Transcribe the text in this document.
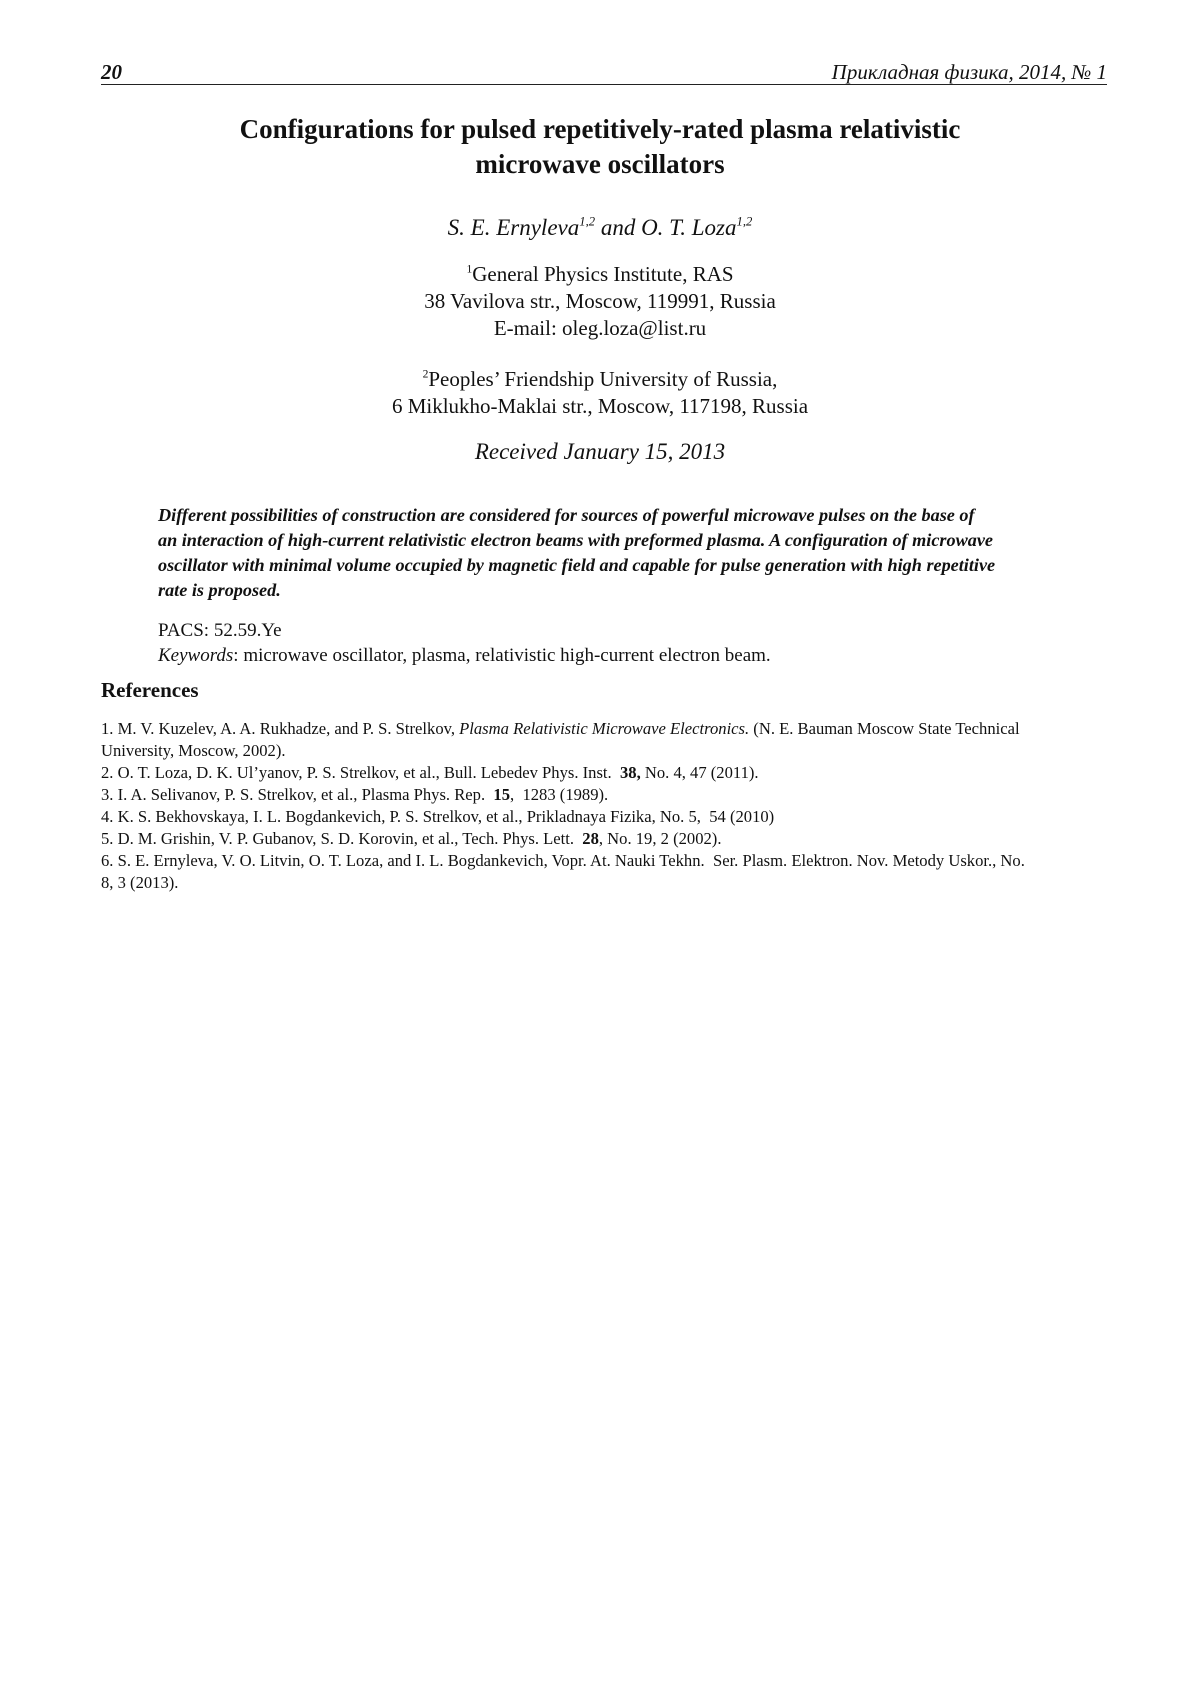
20	Прикладная физика, 2014, № 1
Configurations for pulsed repetitively-rated plasma relativistic
microwave oscillators
S. E. Ernyleva$^{1,2}$ and O. T. Loza$^{1,2}$
$^1$General Physics Institute, RAS
38 Vavilova str., Moscow, 119991, Russia
E-mail: oleg.loza@list.ru
$^2$Peoples’ Friendship University of Russia,
6 Miklukho-Maklai str., Moscow, 117198, Russia
Received January 15, 2013
Different possibilities of construction are considered for sources of powerful microwave pulses on the base of
an interaction of high-current relativistic electron beams with preformed plasma. A configuration of microwave
oscillator with minimal volume occupied by magnetic field and capable for pulse generation with high repetitive
rate is proposed.
PACS: 52.59.Ye
Keywords: microwave oscillator, plasma, relativistic high-current electron beam.
References
1. M. V. Kuzelev, A. A. Rukhadze, and P. S. Strelkov, Plasma Relativistic Microwave Electronics. (N. E. Bauman Moscow State Technical
University, Moscow, 2002).
2. O. T. Loza, D. K. Ul’yanov, P. S. Strelkov, et al., Bull. Lebedev Phys. Inst.  38, No. 4, 47 (2011).
3. I. A. Selivanov, P. S. Strelkov, et al., Plasma Phys. Rep.  15,  1283 (1989).
4. K. S. Bekhovskaya, I. L. Bogdankevich, P. S. Strelkov, et al., Prikladnaya Fizika, No. 5,  54 (2010)
5. D. M. Grishin, V. P. Gubanov, S. D. Korovin, et al., Tech. Phys. Lett.  28, No. 19, 2 (2002).
6. S. E. Ernyleva, V. O. Litvin, O. T. Loza, and I. L. Bogdankevich, Vopr. At. Nauki Tekhn.  Ser. Plasm. Elektron. Nov. Metody Uskor., No.
8, 3 (2013).
